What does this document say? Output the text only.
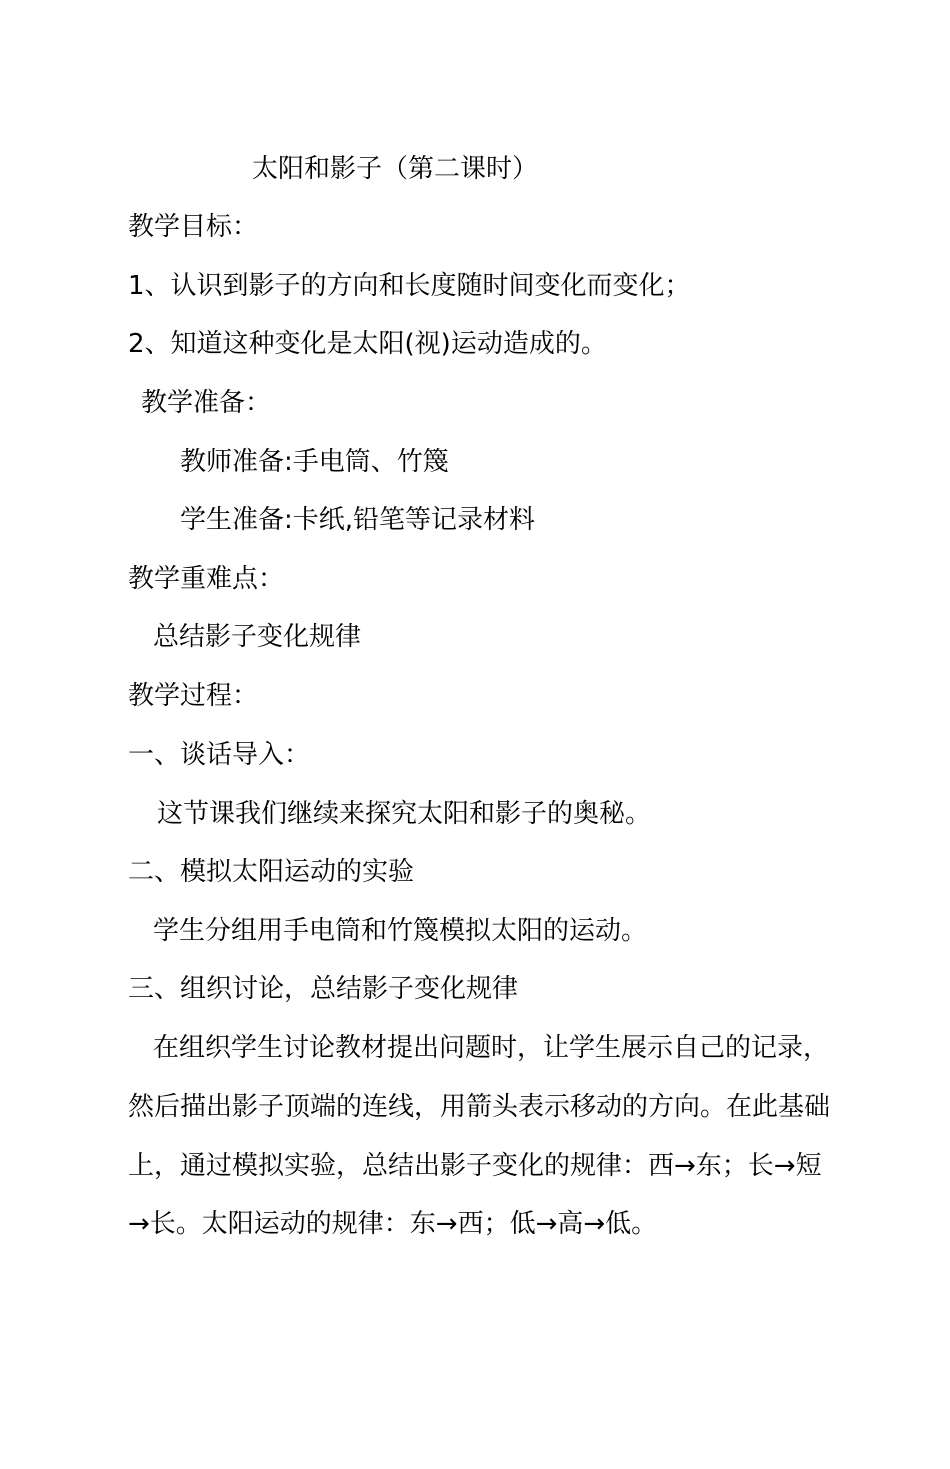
太阳和影子（第二课时）
教学目标：
1、认识到影子的方向和长度随时间变化而变化；
2、知道这种变化是太阳(视)运动造成的。
教学准备：
教师准备:手电筒、竹篾
学生准备:卡纸,铅笔等记录材料
教学重难点：
总结影子变化规律
教学过程：
一、谈话导入：
这节课我们继续来探究太阳和影子的奥秘。
二、模拟太阳运动的实验
学生分组用手电筒和竹篾模拟太阳的运动。
三、组织讨论，总结影子变化规律
在组织学生讨论教材提出问题时，让学生展示自己的记录，
然后描出影子顶端的连线，用箭头表示移动的方向。在此基础
上，通过模拟实验，总结出影子变化的规律：西→东；长→短
→长。太阳运动的规律：东→西；低→高→低。
